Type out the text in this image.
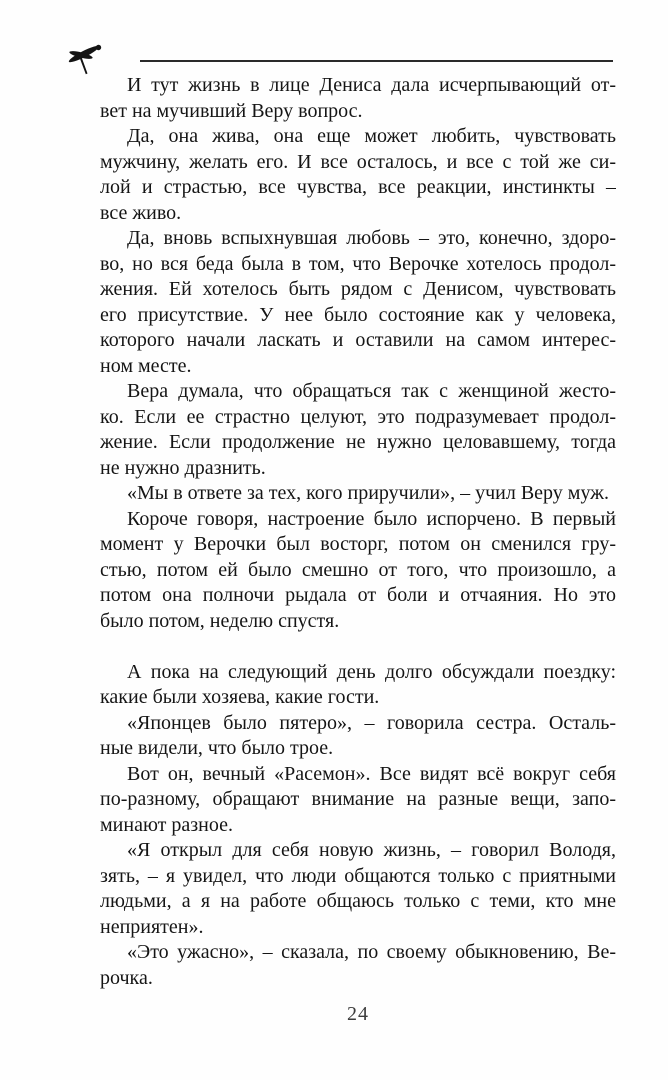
И тут жизнь в лице Дениса дала исчерпывающий от-
вет на мучивший Веру вопрос.
Да, она жива, она еще может любить, чувствовать
мужчину, желать его. И все осталось, и все с той же си-
лой и страстью, все чувства, все реакции, инстинкты –
все живо.
Да, вновь вспыхнувшая любовь – это, конечно, здоро-
во, но вся беда была в том, что Верочке хотелось продол-
жения. Ей хотелось быть рядом с Денисом, чувствовать
его присутствие. У нее было состояние как у человека,
которого начали ласкать и оставили на самом интерес-
ном месте.
Вера думала, что обращаться так с женщиной жесто-
ко. Если ее страстно целуют, это подразумевает продол-
жение. Если продолжение не нужно целовавшему, тогда
не нужно дразнить.
«Мы в ответе за тех, кого приручили», – учил Веру муж.
Короче говоря, настроение было испорчено. В первый
момент у Верочки был восторг, потом он сменился гру-
стью, потом ей было смешно от того, что произошло, а
потом она полночи рыдала от боли и отчаяния. Но это
было потом, неделю спустя.
А пока на следующий день долго обсуждали поездку:
какие были хозяева, какие гости.
«Японцев было пятеро», – говорила сестра. Осталь-
ные видели, что было трое.
Вот он, вечный «Расемон». Все видят всё вокруг себя
по-разному, обращают внимание на разные вещи, запо-
минают разное.
«Я открыл для себя новую жизнь, – говорил Володя,
зять, – я увидел, что люди общаются только с приятными
людьми, а я на работе общаюсь только с теми, кто мне
неприятен».
«Это ужасно», – сказала, по своему обыкновению, Ве-
рочка.
24
